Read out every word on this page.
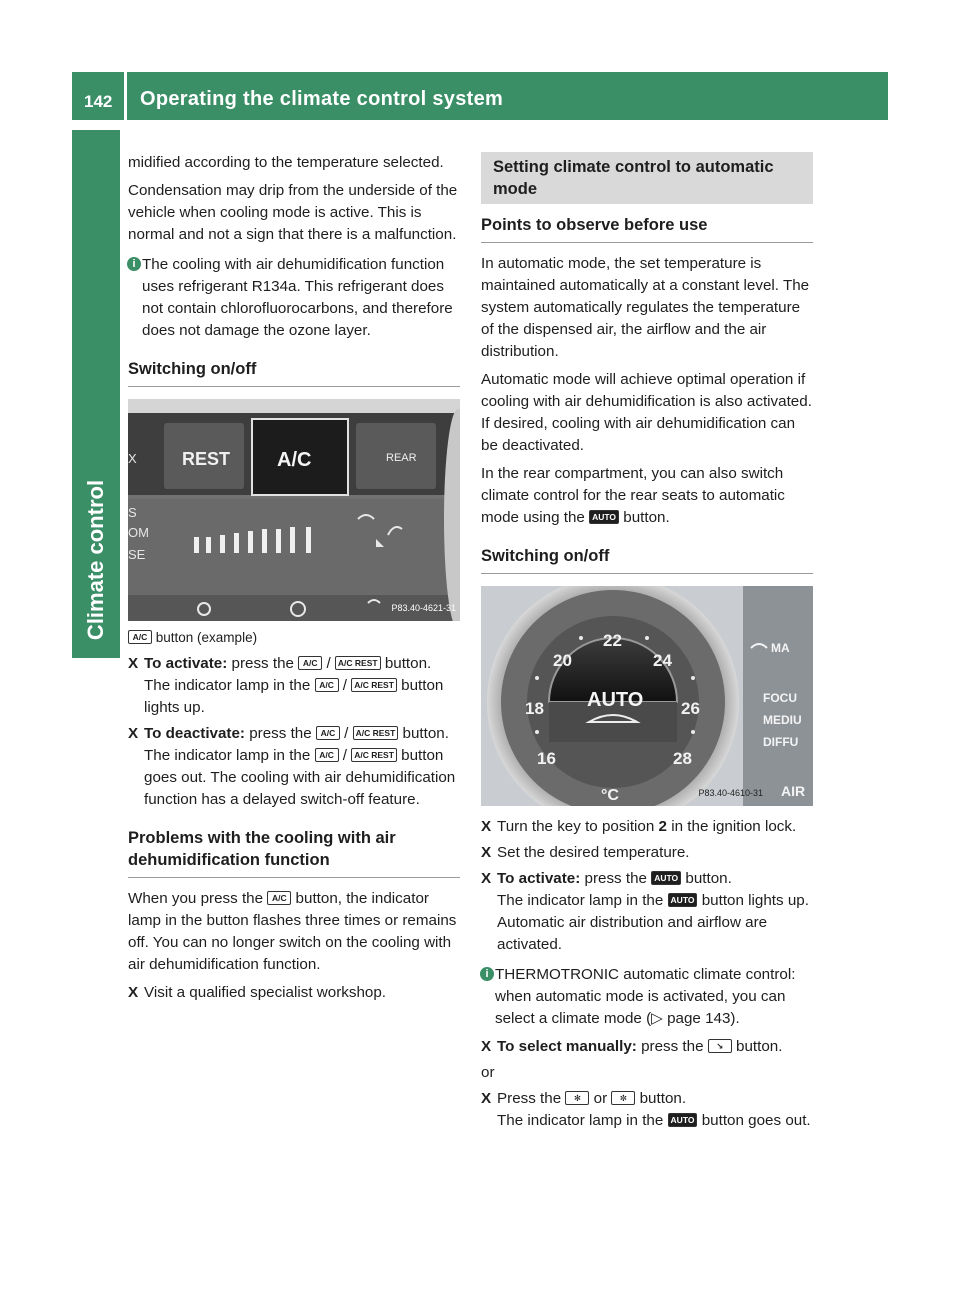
142 Operating the climate control system
Climate control

midified according to the temperature selected.

Condensation may drip from the underside of the vehicle when cooling mode is active. This is normal and not a sign that there is a malfunction.

i The cooling with air dehumidification function uses refrigerant R134a. This refrigerant does not contain chlorofluorocarbons, and therefore does not damage the ozone layer.
Switching on/off
REST A/C	REAR
X
S
OM
SE
P83.40-4621-31

A/C button (example)

X To activate: press the A/C / A/C REST button. The indicator lamp in the A/C / A/C REST button lights up.
X To deactivate: press the A/C / A/C REST button.
The indicator lamp in the A/C / A/C REST button goes out. The cooling with air dehumidification function has a delayed switch-off feature.
Problems with the cooling with air dehumidification function

When you press the A/C button, the indicator lamp in the button flashes three times or remains off. You can no longer switch on the cooling with air dehumidification function.

X Visit a qualified specialist workshop.
Setting climate control to automatic mode
Points to observe before use

In automatic mode, the set temperature is maintained automatically at a constant level. The system automatically regulates the temperature of the dispensed air, the airflow and the air distribution.

Automatic mode will achieve optimal operation if cooling with air dehumidification is also activated. If desired, cooling with air dehumidification can be deactivated.

In the rear compartment, you can also switch climate control for the rear seats to automatic mode using the AUTO button.

Switching on/off
22
20	24
18	26
16	28
AUTO
°C
MA
FOCU
MEDIU
DIFFU
AIR
P83.40-4610-31
X Turn the key to position 2 in the ignition lock.
X Set the desired temperature.
X To activate: press the AUTO button.
The indicator lamp in the AUTO button lights up. Automatic air distribution and airflow are activated.
i THERMOTRONIC automatic climate control: when automatic mode is activated, you can select a climate mode (▷ page 143).
X To select manually: press the ↘ button.

or

X Press the ✻ or ✼ button.
The indicator lamp in the AUTO button goes out.
